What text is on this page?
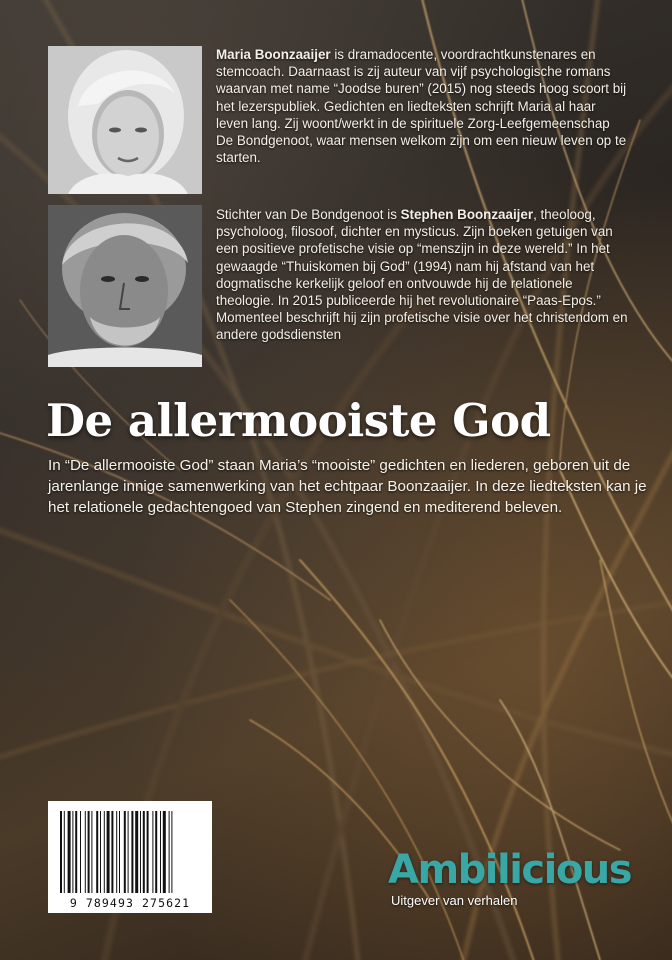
Maria Boonzaaijer is dramadocente, voordrachtkunstenares en stemcoach. Daarnaast is zij auteur van vijf psychologische romans waarvan met name “Joodse buren” (2015) nog steeds hoog scoort bij het lezerspubliek. Gedichten en liedteksten schrijft Maria al haar leven lang. Zij woont/werkt in de spirituele Zorg-Leefgemeenschap De Bondgenoot, waar mensen welkom zijn om een nieuw leven op te starten.
Stichter van De Bondgenoot is Stephen Boonzaaijer, theoloog, psycholoog, filosoof, dichter en mysticus. Zijn boeken getuigen van een positieve profetische visie op “menszijn in deze wereld.” In het gewaagde “Thuiskomen bij God” (1994) nam hij afstand van het dogmatische kerkelijk geloof en ontvouwde hij de relationele theologie. In 2015 publiceerde hij het revolutionaire “Paas-Epos.” Momenteel beschrijft hij zijn profetische visie over het christendom en andere godsdiensten
De allermooiste God
In “De allermooiste God” staan Maria’s “mooiste” gedichten en liederen, geboren uit de jarenlange innige samenwerking van het echtpaar Boonzaaijer. In deze liedteksten kan je het relationele gedachtengoed van Stephen zingend en mediterend beleven.
9 789493 275621
Ambilicious
Uitgever van verhalen
